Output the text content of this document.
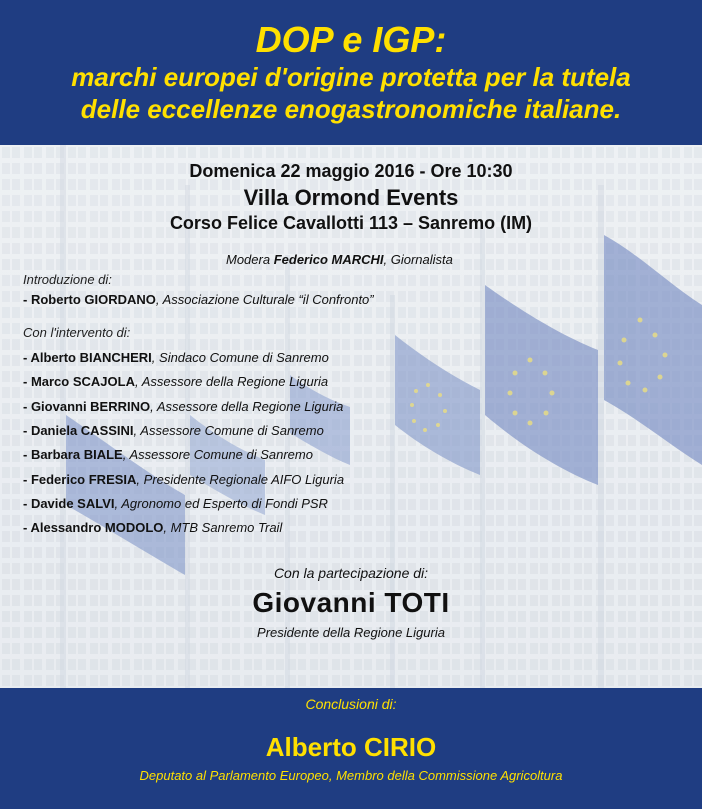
DOP e IGP:
marchi europei d'origine protetta per la tutela
delle eccellenze enogastronomiche italiane.
Domenica 22 maggio 2016 - Ore 10:30
Villa Ormond Events
Corso Felice Cavallotti 113 – Sanremo (IM)
Modera Federico MARCHI, Giornalista
Introduzione di:
- Roberto GIORDANO, Associazione Culturale “il Confronto”
Con l'intervento di:
- Alberto BIANCHERI, Sindaco Comune di Sanremo
- Marco SCAJOLA, Assessore della Regione Liguria
- Giovanni BERRINO, Assessore della Regione Liguria
- Daniela CASSINI, Assessore Comune di Sanremo
- Barbara BIALE, Assessore Comune di Sanremo
- Federico FRESIA, Presidente Regionale AIFO Liguria
- Davide SALVI, Agronomo ed Esperto di Fondi PSR
- Alessandro MODOLO, MTB Sanremo Trail
Con la partecipazione di:
Giovanni TOTI
Presidente della Regione Liguria
Conclusioni di:
Alberto CIRIO
Deputato al Parlamento Europeo, Membro della Commissione Agricoltura
